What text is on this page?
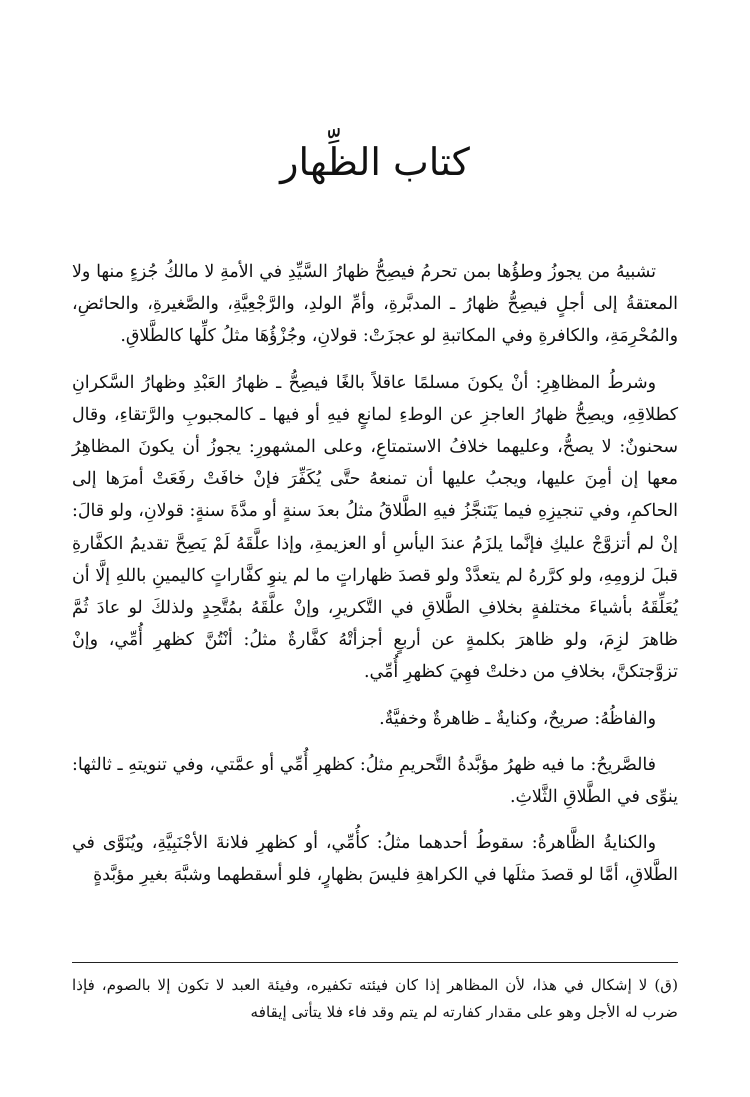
كتاب الظِّهار

تشبيهُ من يجوزُ وطؤُها بمن تحرمُ فيصِحُّ ظهارُ السَّيِّدِ في الأمةِ لا مالكُ جُزءٍ منها ولا المعتقةُ إلى أجلٍ فيصِحُّ ظهارُ ـ المدبَّرةِ، وأمِّ الولدِ، والرَّجْعِيَّةِ، والصَّغيرةِ، والحائضِ، والمُحْرِمَةِ، والكافرةِ وفي المكاتبةِ لو عجزَتْ: قولانِ، وجُزْؤُهَا مثلُ كلِّها كالطَّلاقِ.

وشرطُ المظاهِرِ: أنْ يكونَ مسلمًا عاقلاً بالغًا فيصِحُّ ـ ظهارُ العَبْدِ وظهارُ السَّكرانِ كطلاقِهِ، ويصِحُّ ظهارُ العاجزِ عن الوطءِ لمانعٍ فيهِ أو فيها ـ كالمجبوبِ والرَّتقاءِ، وقال سحنونٌ: لا يصحُّ، وعليهما خلافُ الاستمتاعِ، وعلى المشهورِ: يجوزُ أن يكونَ المظاهِرُ معها إن أمِنَ عليها، ويجبُ عليها أن تمنعهُ حتَّى يُكَفِّرَ فإنْ خافَتْ رفَعَتْ أمرَها إلى الحاكمِ، وفي تنجيزِهِ فيما يَتَنجَّزُ فيهِ الطَّلاقُ مثلُ بعدَ سنةٍ أو مدَّةَ سنةٍ: قولانِ، ولو قالَ: إنْ لم أتزوَّجْ عليكِ فإنَّما يلزَمُ عندَ اليأسِ أو العزيمةِ، وإذا علَّقَهُ لَمْ يَصِحَّ تقديمُ الكفَّارةِ قبلَ لزومِهِ، ولو كرَّرهُ لم يتعدَّدْ ولو قصدَ ظهاراتٍ ما لم ينوِ كفَّاراتٍ كاليمينِ باللهِ إلَّا أن يُعَلِّقَهُ بأشياءَ مختلفةٍ بخلافِ الطَّلاقِ في التَّكريرِ، وإنْ علَّقَهُ بمُتَّحِدٍ ولذلكَ لو عادَ ثُمَّ ظاهرَ لزِمَ، ولو ظاهرَ بكلمةٍ عن أربعٍ أجزأتْهُ كفَّارةٌ مثلُ: أنْتُنَّ كظهرِ أُمِّي، وإنْ تزوَّجتكنَّ، بخلافِ من دخلتْ فهِيَ كظهرِ أُمِّي.

والفاظُهُ: صريحٌ، وكنايةٌ ـ ظاهرةٌ وخفيَّةٌ.

فالصَّريحُ: ما فيه ظهرُ مؤبَّدةُ التَّحريمِ مثلُ: كظهرِ أُمِّي أو عمَّتي، وفي تنويتهِ ـ ثالثها: ينوِّى في الطَّلاقِ الثَّلاثِ.

والكنايةُ الظَّاهرةُ: سقوطُ أحدهما مثلُ: كأُمِّي، أو كظهرِ فلانةَ الأجْنَبِيَّةِ، ويُنَوَّى في الطَّلاقِ، أمَّا لو قصدَ مثلَها في الكراهةِ فليسَ بظهارٍ، فلو أسقطهما وشبَّهَ بغيرِ مؤبَّدةٍ

(ق) لا إشكال في هذا، لأن المظاهر إذا كان فيئته تكفيره، وفيئة العبد لا تكون إلا بالصوم، فإذا ضرب له الأجل وهو على مقدار كفارته لم يتم وقد فاء فلا يتأتى إيقافه
